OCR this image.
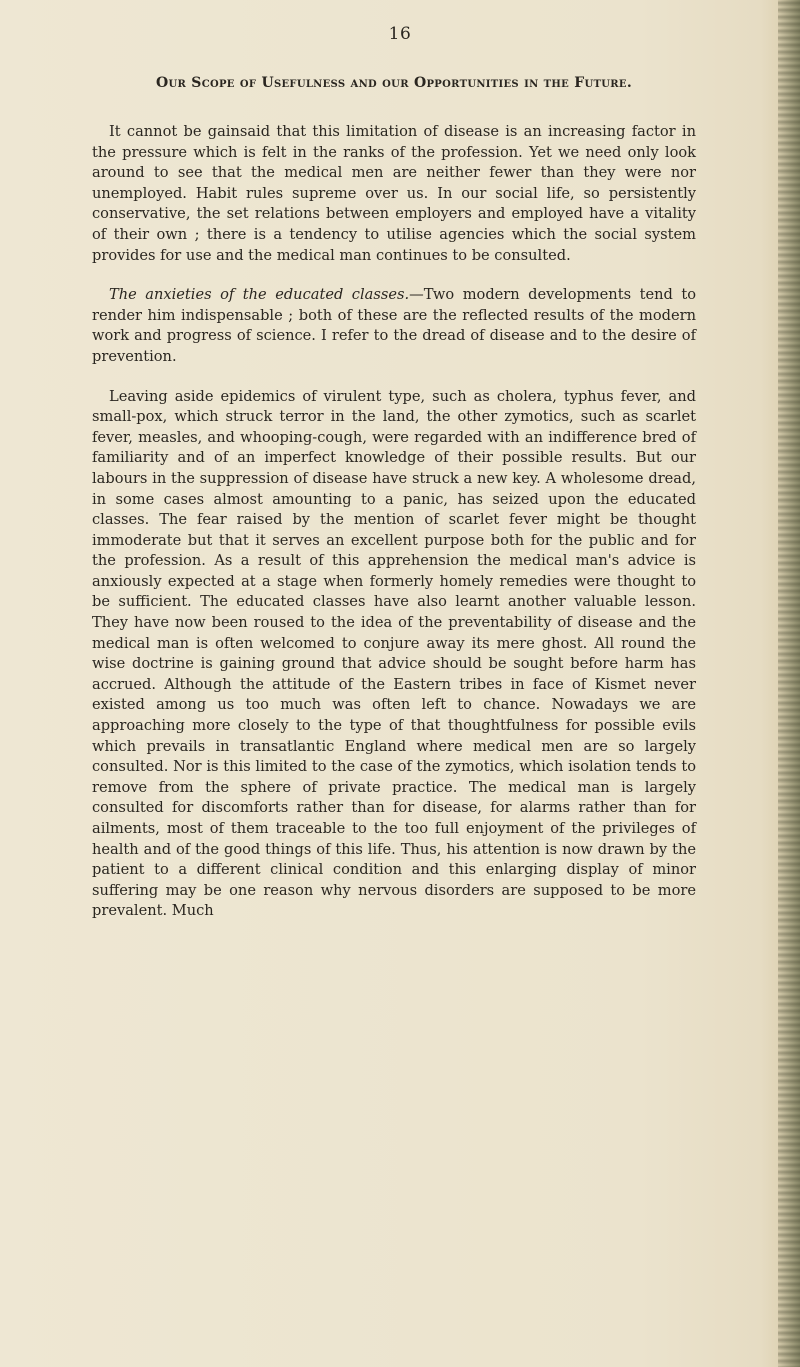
16
Our Scope of Usefulness and our Opportunities in the Future.

It cannot be gainsaid that this limitation of disease is an increasing factor in the pressure which is felt in the ranks of the profession. Yet we need only look around to see that the medical men are neither fewer than they were nor unemployed. Habit rules supreme over us. In our social life, so persistently conservative, the set relations between employers and employed have a vitality of their own ; there is a tendency to utilise agencies which the social system provides for use and the medical man continues to be consulted.

The anxieties of the educated classes.—Two modern developments tend to render him indispensable ; both of these are the reflected results of the modern work and progress of science. I refer to the dread of disease and to the desire of prevention.

Leaving aside epidemics of virulent type, such as cholera, typhus fever, and small-pox, which struck terror in the land, the other zymotics, such as scarlet fever, measles, and whooping-cough, were regarded with an indifference bred of familiarity and of an imperfect knowledge of their possible results. But our labours in the suppression of disease have struck a new key. A wholesome dread, in some cases almost amounting to a panic, has seized upon the educated classes. The fear raised by the mention of scarlet fever might be thought immoderate but that it serves an excellent purpose both for the public and for the profession. As a result of this apprehension the medical man's advice is anxiously expected at a stage when formerly homely remedies were thought to be sufficient. The educated classes have also learnt another valuable lesson. They have now been roused to the idea of the preventability of disease and the medical man is often welcomed to conjure away its mere ghost. All round the wise doctrine is gaining ground that advice should be sought before harm has accrued. Although the attitude of the Eastern tribes in face of Kismet never existed among us too much was often left to chance. Nowadays we are approaching more closely to the type of that thoughtfulness for possible evils which prevails in transatlantic England where medical men are so largely consulted. Nor is this limited to the case of the zymotics, which isolation tends to remove from the sphere of private practice. The medical man is largely consulted for discomforts rather than for disease, for alarms rather than for ailments, most of them traceable to the too full enjoyment of the privileges of health and of the good things of this life. Thus, his attention is now drawn by the patient to a different clinical condition and this enlarging display of minor suffering may be one reason why nervous disorders are supposed to be more prevalent. Much
